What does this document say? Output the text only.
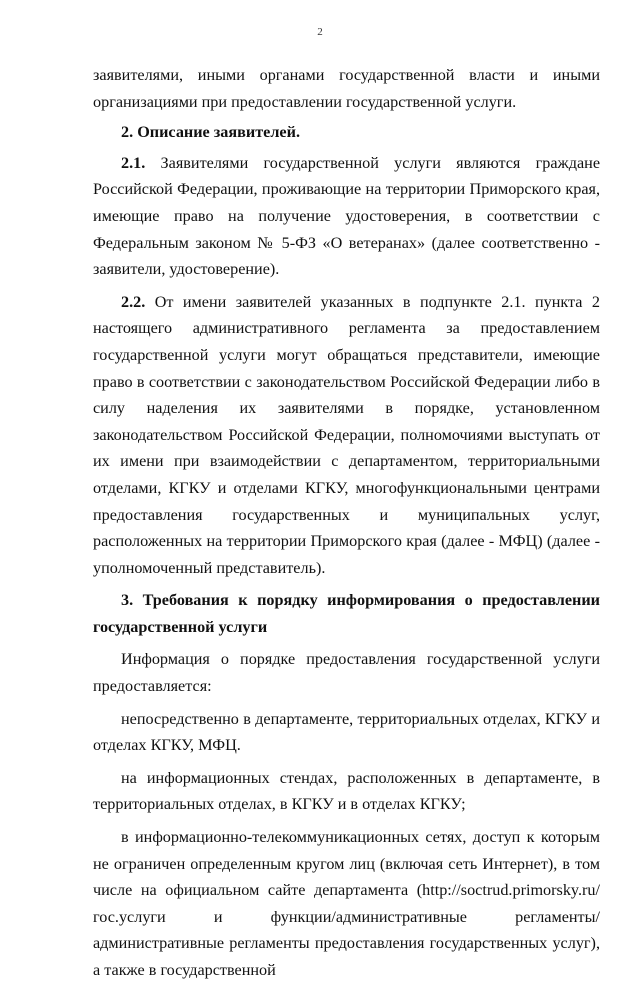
2

заявителями, иными органами государственной власти и иными организациями при предоставлении государственной услуги.

2. Описание заявителей.

2.1. Заявителями государственной услуги являются граждане Российской Федерации, проживающие на территории Приморского края, имеющие право на получение удостоверения, в соответствии с Федеральным законом № 5-ФЗ «О ветеранах» (далее соответственно - заявители, удостоверение).

2.2. От имени заявителей указанных в подпункте 2.1. пункта 2 настоящего административного регламента за предоставлением государственной услуги могут обращаться представители, имеющие право в соответствии с законодательством Российской Федерации либо в силу наделения их заявителями в порядке, установленном законодательством Российской Федерации, полномочиями выступать от их имени при взаимодействии с департаментом, территориальными отделами, КГКУ и отделами КГКУ, многофункциональными центрами предоставления государственных и муниципальных услуг, расположенных на территории Приморского края (далее - МФЦ) (далее - уполномоченный представитель).

3. Требования к порядку информирования о предоставлении государственной услуги

Информация о порядке предоставления государственной услуги предоставляется:

непосредственно в департаменте, территориальных отделах, КГКУ и отделах КГКУ, МФЦ.

на информационных стендах, расположенных в департаменте, в территориальных отделах, в КГКУ и в отделах КГКУ;

в информационно-телекоммуникационных сетях, доступ к которым не ограничен определенным кругом лиц (включая сеть Интернет), в том числе на официальном сайте департамента (http://soctrud.primorsky.ru/гос.услуги и функции/административные регламенты/ административные регламенты предоставления государственных услуг), а также в государственной
